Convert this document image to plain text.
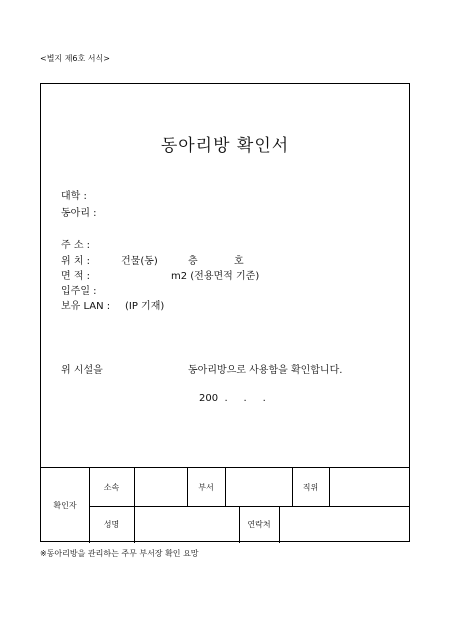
<별지 제6호 서식>
동아리방 확인서
대학 :
동아리 :
주 소 :
위 치 :	건물(동)	층	호
면 적 :	m2 (전용면적 기준)
입주일 :
보유 LAN : (IP 기재)
위 시설을	동아리방으로 사용함을 확인합니다.
200  .     .     .
확인자
소속	부서	직위
성명	연락처
※동아리방을 관리하는 주무 부서장 확인 요망
